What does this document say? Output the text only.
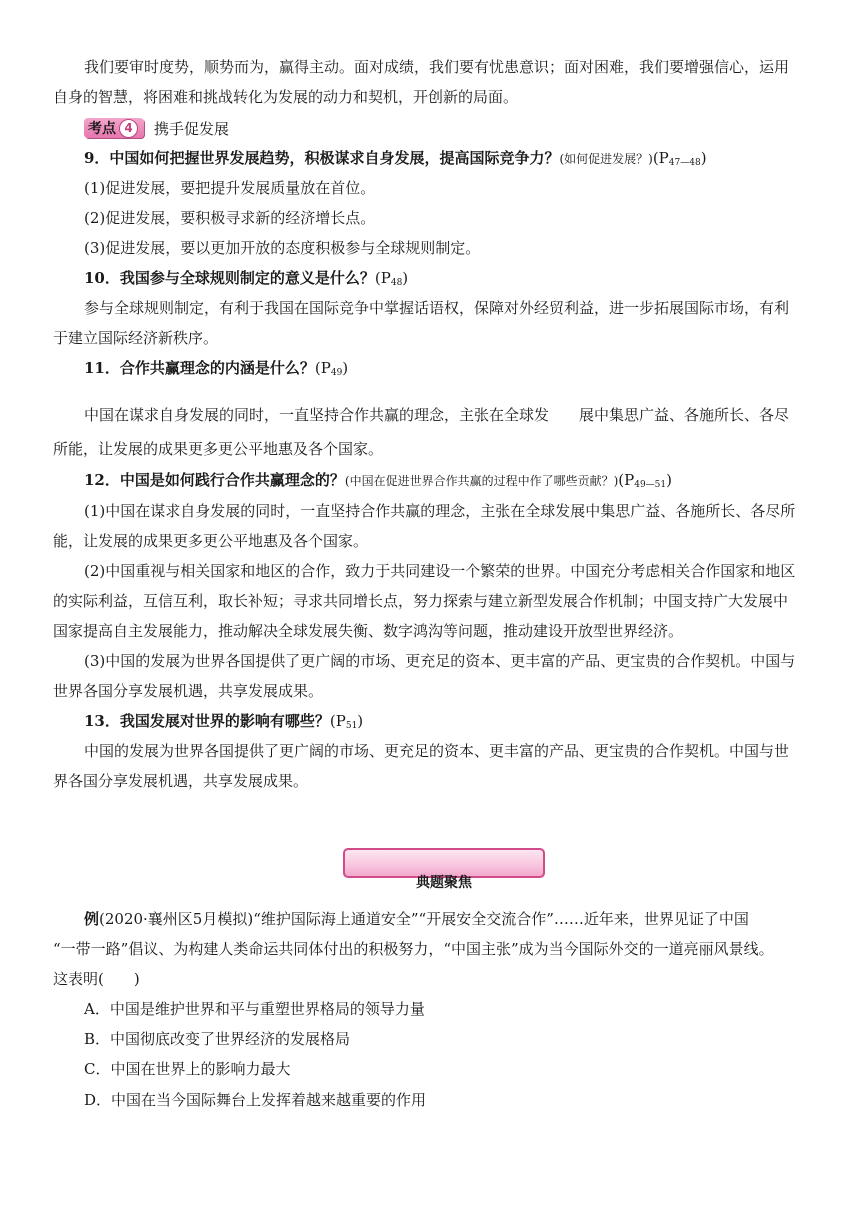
我们要审时度势，顺势而为，赢得主动。面对成绩，我们要有忧患意识；面对困难，我们要增强信心，运用
自身的智慧，将困难和挑战转化为发展的动力和契机，开创新的局面。
考点 4	携手促发展
9．中国如何把握世界发展趋势，积极谋求自身发展，提高国际竞争力？(如何促进发展？)$(P_{47—48})$
(1)促进发展，要把提升发展质量放在首位。
(2)促进发展，要积极寻求新的经济增长点。
(3)促进发展，要以更加开放的态度积极参与全球规则制定。
10．我国参与全球规则制定的意义是什么？$(P_{48})$
参与全球规则制定，有利于我国在国际竞争中掌握话语权，保障对外经贸利益，进一步拓展国际市场，有利
于建立国际经济新秩序。
11．合作共赢理念的内涵是什么？$(P_{49})$
中国在谋求自身发展的同时，一直坚持合作共赢的理念，主张在全球发 展中集思广益、各施所长、各尽
所能，让发展的成果更多更公平地惠及各个国家。
12．中国是如何践行合作共赢理念的？(中国在促进世界合作共赢的过程中作了哪些贡献？)$(P_{49—51})$
(1)中国在谋求自身发展的同时，一直坚持合作共赢的理念，主张在全球发展中集思广益、各施所长、各尽所
能，让发展的成果更多更公平地惠及各个国家。
(2)中国重视与相关国家和地区的合作，致力于共同建设一个繁荣的世界。中国充分考虑相关合作国家和地区
的实际利益，互信互利，取长补短；寻求共同增长点，努力探索与建立新型发展合作机制；中国支持广大发展中
国家提高自主发展能力，推动解决全球发展失衡、数字鸿沟等问题，推动建设开放型世界经济。
(3)中国的发展为世界各国提供了更广阔的市场、更充足的资本、更丰富的产品、更宝贵的合作契机。中国与
世界各国分享发展机遇，共享发展成果。
13．我国发展对世界的影响有哪些？$(P_{51})$
中国的发展为世界各国提供了更广阔的市场、更充足的资本、更丰富的产品、更宝贵的合作契机。中国与世
界各国分享发展机遇，共享发展成果。
典题聚焦
例(2020·襄州区5月模拟)“维护国际海上通道安全”“开展安全交流合作”……近年来，世界见证了中国
“一带一路”倡议、为构建人类命运共同体付出的积极努力，“中国主张”成为当今国际外交的一道亮丽风景线。
这表明(　　)
A．中国是维护世界和平与重塑世界格局的领导力量
B．中国彻底改变了世界经济的发展格局
C．中国在世界上的影响力最大
D．中国在当今国际舞台上发挥着越来越重要的作用
